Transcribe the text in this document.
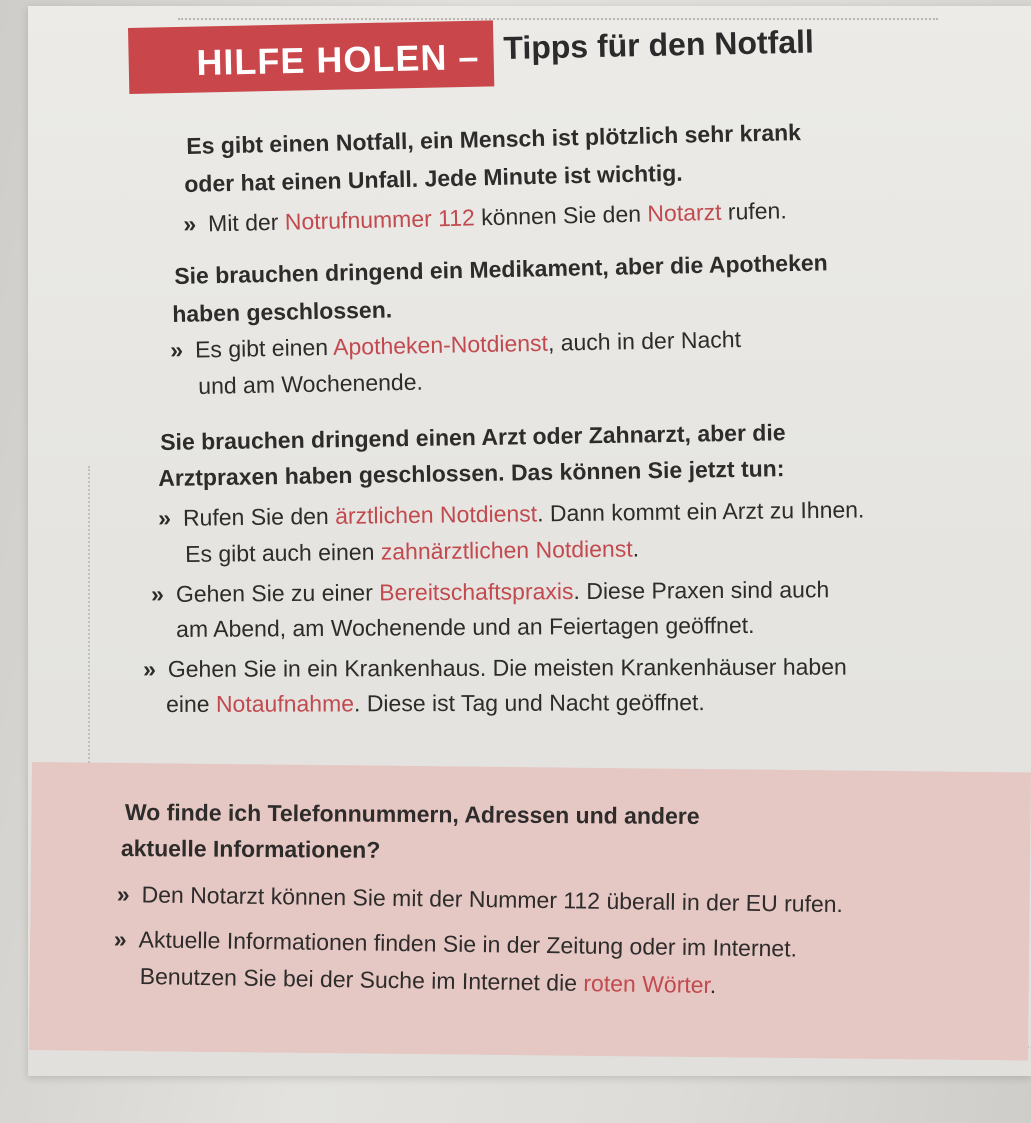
HILFE HOLEN – Tipps für den Notfall
Es gibt einen Notfall, ein Mensch ist plötzlich sehr krank
oder hat einen Unfall. Jede Minute ist wichtig.
» Mit der Notrufnummer 112 können Sie den Notarzt rufen.
Sie brauchen dringend ein Medikament, aber die Apotheken
haben geschlossen.
» Es gibt einen Apotheken-Notdienst, auch in der Nacht
und am Wochenende.
Sie brauchen dringend einen Arzt oder Zahnarzt, aber die
Arztpraxen haben geschlossen. Das können Sie jetzt tun:
» Rufen Sie den ärztlichen Notdienst. Dann kommt ein Arzt zu Ihnen.
Es gibt auch einen zahnärztlichen Notdienst.
» Gehen Sie zu einer Bereitschaftspraxis. Diese Praxen sind auch
am Abend, am Wochenende und an Feiertagen geöffnet.
» Gehen Sie in ein Krankenhaus. Die meisten Krankenhäuser haben
eine Notaufnahme. Diese ist Tag und Nacht geöffnet.
Wo finde ich Telefonnummern, Adressen und andere
aktuelle Informationen?
» Den Notarzt können Sie mit der Nummer 112 überall in der EU rufen.
» Aktuelle Informationen finden Sie in der Zeitung oder im Internet.
Benutzen Sie bei der Suche im Internet die roten Wörter.
